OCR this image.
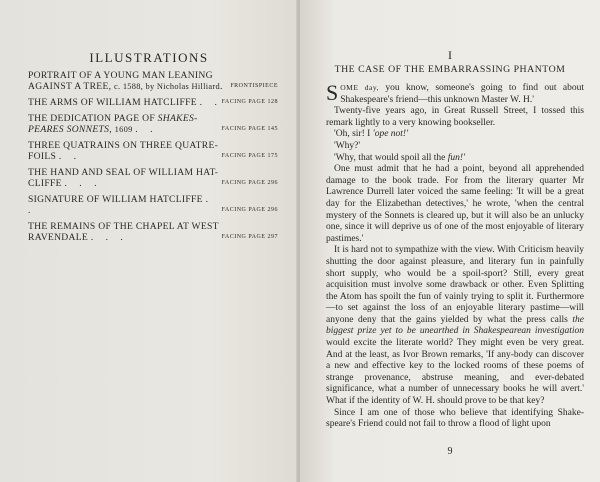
ILLUSTRATIONS
PORTRAIT OF A YOUNG MAN LEANING AGAINST A TREE, c. 1588, by Nicholas Hilliard.	FRONTISPIECE
THE ARMS OF WILLIAM HATCLIFFE . . FACING PAGE 128
THE DEDICATION PAGE OF SHAKES-PEARES SONNETS, 1609 . .	FACING PAGE 145
THREE QUATRAINS ON THREE QUATRE-FOILS . .	FACING PAGE 175
THE HAND AND SEAL OF WILLIAM HAT-CLIFFE . . .	FACING PAGE 296
SIGNATURE OF WILLIAM HATCLIFFE . .	FACING PAGE 296
THE REMAINS OF THE CHAPEL AT WEST RAVENDALE . . .	FACING PAGE 297
I
THE CASE OF THE EMBARRASSING PHANTOM

SOME day, you know, someone's going to find out about Shakespeare's friend—this unknown Master W. H.'

Twenty-five years ago, in Great Russell Street, I tossed this remark lightly to a very knowing bookseller.

'Oh, sir! I 'ope not!'

'Why?'

'Why, that would spoil all the fun!'

One must admit that he had a point, beyond all apprehended damage to the book trade. For from the literary quarter Mr Lawrence Durrell later voiced the same feeling: 'It will be a great day for the Elizabethan detectives,' he wrote, 'when the central mystery of the Sonnets is cleared up, but it will also be an unlucky one, since it will deprive us of one of the most enjoyable of literary pastimes.'

It is hard not to sympathize with the view. With Criticism heavily shutting the door against pleasure, and literary fun in painfully short supply, who would be a spoil-sport? Still, every great acquisition must involve some drawback or other. Even Splitting the Atom has spoilt the fun of vainly trying to split it. Furthermore—to set against the loss of an enjoyable literary pastime—will anyone deny that the gains yielded by what the press calls the biggest prize yet to be unearthed in Shakespearean investigation would excite the literate world? They might even be very great. And at the least, as Ivor Brown remarks, 'If any-body can discover a new and effective key to the locked rooms of these poems of strange provenance, abstruse meaning, and ever-debated significance, what a number of unnecessary books he will avert.' What if the identity of W. H. should prove to be that key?

Since I am one of those who believe that identifying Shake-speare's Friend could not fail to throw a flood of light upon

9
